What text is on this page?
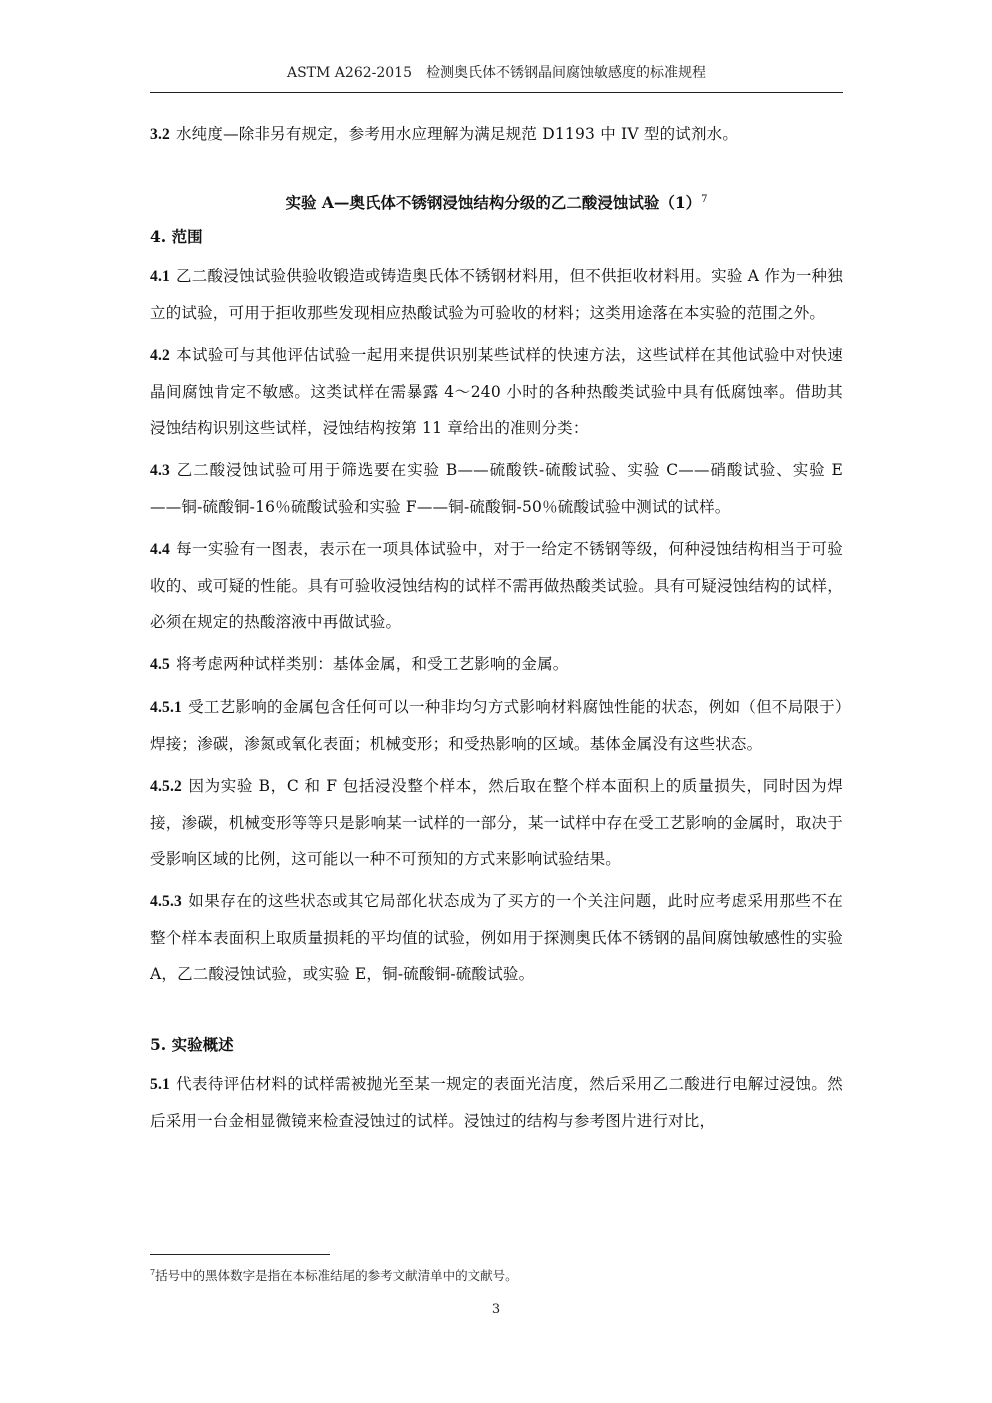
ASTM A262-2015　检测奥氏体不锈钢晶间腐蚀敏感度的标准规程

3.2 水纯度—除非另有规定，参考用水应理解为满足规范 D1193 中 IV 型的试剂水。

实验 A—奥氏体不锈钢浸蚀结构分级的乙二酸浸蚀试验$(1)^7$
4. 范围

4.1 乙二酸浸蚀试验供验收锻造或铸造奥氏体不锈钢材料用，但不供拒收材料用。实验 A 作为一种独立的试验，可用于拒收那些发现相应热酸试验为可验收的材料；这类用途落在本实验的范围之外。

4.2 本试验可与其他评估试验一起用来提供识别某些试样的快速方法，这些试样在其他试验中对快速晶间腐蚀肯定不敏感。这类试样在需暴露 4～240 小时的各种热酸类试验中具有低腐蚀率。借助其浸蚀结构识别这些试样，浸蚀结构按第 11 章给出的准则分类：

4.3 乙二酸浸蚀试验可用于筛选要在实验 B——硫酸铁-硫酸试验、实验 C——硝酸试验、实验 E——铜-硫酸铜-16％硫酸试验和实验 F——铜-硫酸铜-50％硫酸试验中测试的试样。

4.4 每一实验有一图表，表示在一项具体试验中，对于一给定不锈钢等级，何种浸蚀结构相当于可验收的、或可疑的性能。具有可验收浸蚀结构的试样不需再做热酸类试验。具有可疑浸蚀结构的试样，必须在规定的热酸溶液中再做试验。

4.5 将考虑两种试样类别：基体金属，和受工艺影响的金属。

4.5.1 受工艺影响的金属包含任何可以一种非均匀方式影响材料腐蚀性能的状态，例如（但不局限于）焊接；渗碳，渗氮或氧化表面；机械变形；和受热影响的区域。基体金属没有这些状态。

4.5.2 因为实验 B，C 和 F 包括浸没整个样本，然后取在整个样本面积上的质量损失，同时因为焊接，渗碳，机械变形等等只是影响某一试样的一部分，某一试样中存在受工艺影响的金属时，取决于受影响区域的比例，这可能以一种不可预知的方式来影响试验结果。

4.5.3 如果存在的这些状态或其它局部化状态成为了买方的一个关注问题，此时应考虑采用那些不在整个样本表面积上取质量损耗的平均值的试验，例如用于探测奥氏体不锈钢的晶间腐蚀敏感性的实验 A，乙二酸浸蚀试验，或实验 E，铜-硫酸铜-硫酸试验。

5. 实验概述

5.1 代表待评估材料的试样需被抛光至某一规定的表面光洁度，然后采用乙二酸进行电解过浸蚀。然后采用一台金相显微镜来检查浸蚀过的试样。浸蚀过的结构与参考图片进行对比，

$^7$括号中的黑体数字是指在本标准结尾的参考文献清单中的文献号。
3
